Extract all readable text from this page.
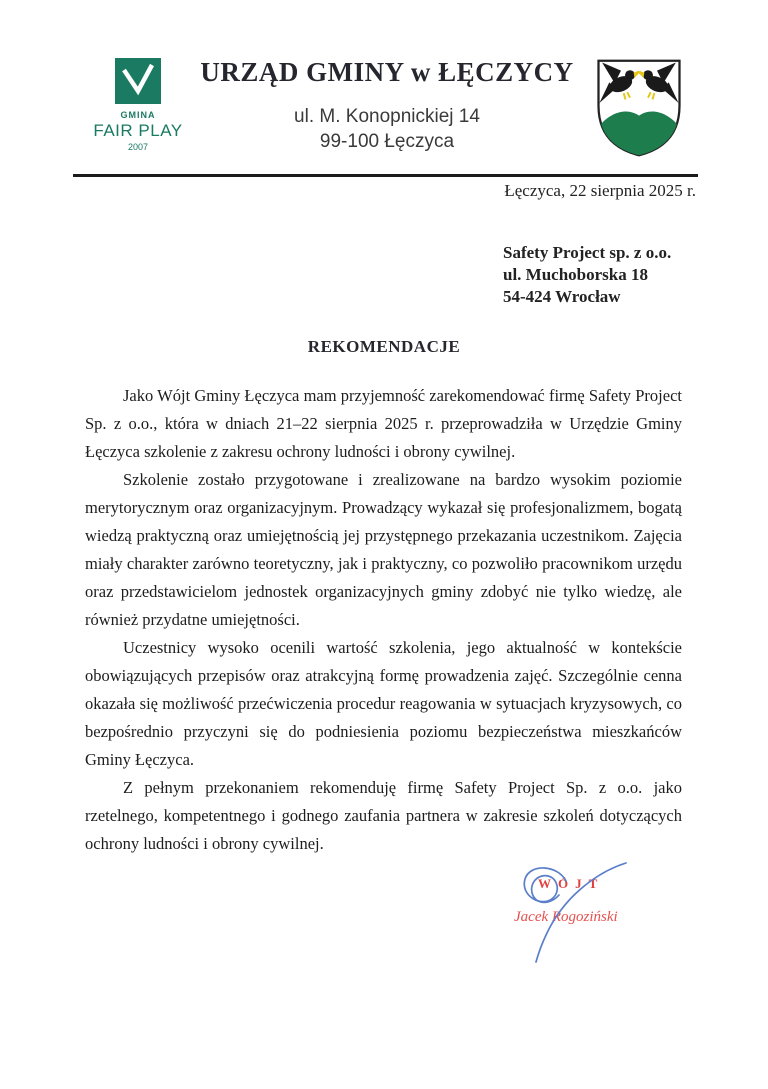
GMINA
FAIR PLAY
2007
URZĄD GMINY w ŁĘCZYCY
ul. M. Konopnickiej 14
99-100 Łęczyca
Łęczyca, 22 sierpnia 2025 r.
Safety Project sp. z o.o.
ul. Muchoborska 18
54-424 Wrocław
REKOMENDACJE

Jako Wójt Gminy Łęczyca mam przyjemność zarekomendować firmę Safety Project Sp. z o.o., która w dniach 21–22 sierpnia 2025 r. przeprowadziła w Urzędzie Gminy Łęczyca szkolenie z zakresu ochrony ludności i obrony cywilnej.

Szkolenie zostało przygotowane i zrealizowane na bardzo wysokim poziomie merytorycznym oraz organizacyjnym. Prowadzący wykazał się profesjonalizmem, bogatą wiedzą praktyczną oraz umiejętnością jej przystępnego przekazania uczestnikom. Zajęcia miały charakter zarówno teoretyczny, jak i praktyczny, co pozwoliło pracownikom urzędu oraz przedstawicielom jednostek organizacyjnych gminy zdobyć nie tylko wiedzę, ale również przydatne umiejętności.

Uczestnicy wysoko ocenili wartość szkolenia, jego aktualność w kontekście obowiązujących przepisów oraz atrakcyjną formę prowadzenia zajęć. Szczególnie cenna okazała się możliwość przećwiczenia procedur reagowania w sytuacjach kryzysowych, co bezpośrednio przyczyni się do podniesienia poziomu bezpieczeństwa mieszkańców Gminy Łęczyca.

Z pełnym przekonaniem rekomenduję firmę Safety Project Sp. z o.o. jako rzetelnego, kompetentnego i godnego zaufania partnera w zakresie szkoleń dotyczących ochrony ludności i obrony cywilnej.

WÓJT
Jacek Rogoziński
